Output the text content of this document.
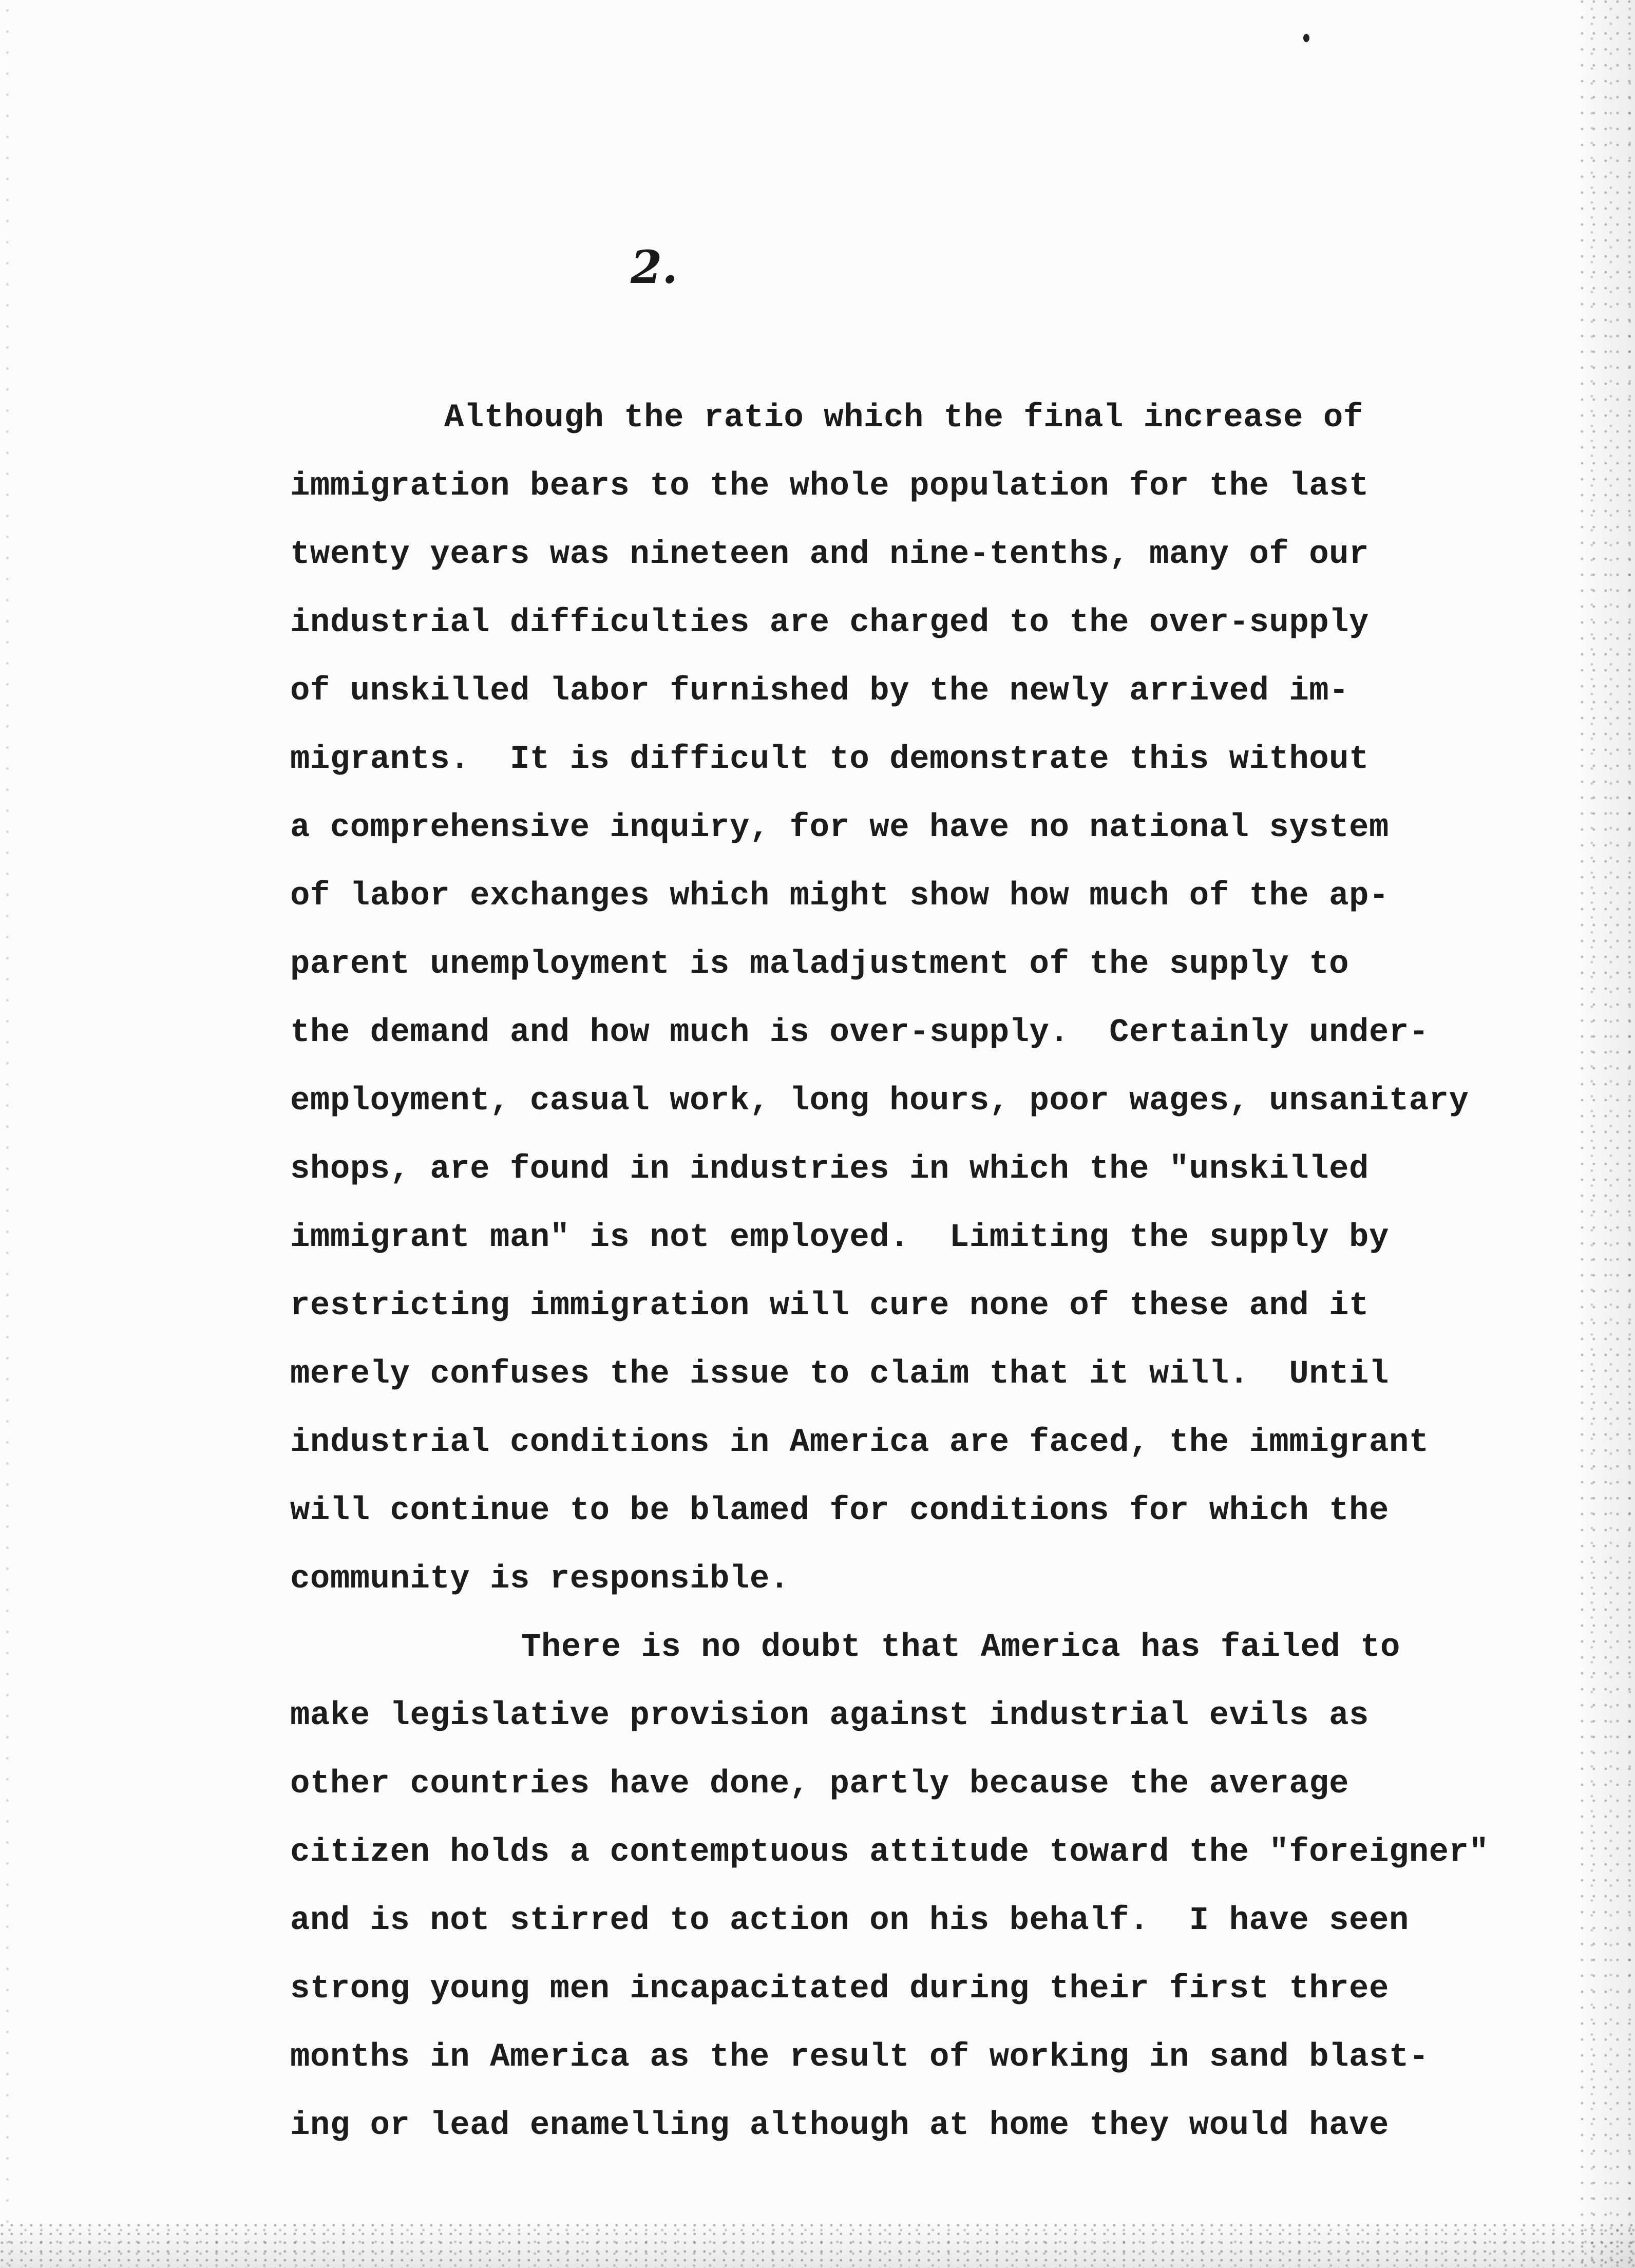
2.
Although the ratio which the final increase of
immigration bears to the whole population for the last
twenty years was nineteen and nine-tenths, many of our
industrial difficulties are charged to the over-supply
of unskilled labor furnished by the newly arrived im-
migrants.  It is difficult to demonstrate this without
a comprehensive inquiry, for we have no national system
of labor exchanges which might show how much of the ap-
parent unemployment is maladjustment of the supply to
the demand and how much is over-supply.  Certainly under-
employment, casual work, long hours, poor wages, unsanitary
shops, are found in industries in which the "unskilled
immigrant man" is not employed.  Limiting the supply by
restricting immigration will cure none of these and it
merely confuses the issue to claim that it will.  Until
industrial conditions in America are faced, the immigrant
will continue to be blamed for conditions for which the
community is responsible.
There is no doubt that America has failed to
make legislative provision against industrial evils as
other countries have done, partly because the average
citizen holds a contemptuous attitude toward the "foreigner"
and is not stirred to action on his behalf.  I have seen
strong young men incapacitated during their first three
months in America as the result of working in sand blast-
ing or lead enamelling although at home they would have
